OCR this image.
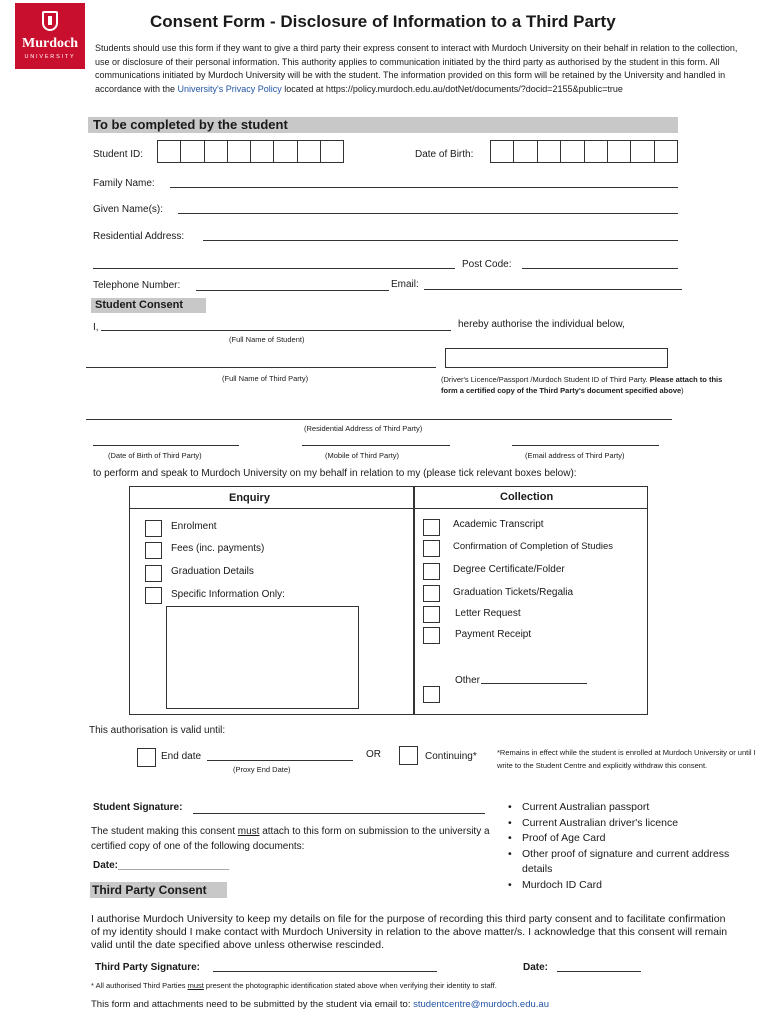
Murdoch
UNIVERSITY
Consent Form - Disclosure of Information to a Third Party
Students should use this form if they want to give a third party their express consent to interact with Murdoch University on their behalf in relation to the collection, use or disclosure of their personal information. This authority applies to communication initiated by the third party as authorised by the student in this form. All communications initiated by Murdoch University will be with the student. The information provided on this form will be retained by the University and handled in accordance with the University's Privacy Policy located at https://policy.murdoch.edu.au/dotNet/documents/?docid=2155&public=true
To be completed by the student
Student ID:	Date of Birth:
Family Name:
Given Name(s):
Residential Address:
Post Code:
Telephone Number:	Email:
Student Consent
I,	hereby authorise the individual below,
(Full Name of Student)
(Full Name of Third Party)	(Driver's Licence/Passport /Murdoch Student ID of Third Party. Please attach to this form a certified copy of the Third Party's document specified above)
(Residential Address of Third Party)
(Date of Birth of Third Party)	(Mobile of Third Party)	(Email address of Third Party)
to perform and speak to Murdoch University on my behalf in relation to my (please tick relevant boxes below):
Enquiry	Collection
Enrolment
Fees (inc. payments)
Graduation Details
Specific Information Only:
Academic Transcript
Confirmation of Completion of Studies
Degree Certificate/Folder
Graduation Tickets/Regalia
Letter Request
Payment Receipt
Other
This authorisation is valid until:
End date
(Proxy End Date)
OR	Continuing*	*Remains in effect while the student is enrolled at Murdoch University or until I write to the Student Centre and explicitly withdraw this consent.
Student Signature:
The student making this consent must attach to this form on submission to the university a certified copy of one of the following documents:
Date:____________________
• Current Australian passport
• Current Australian driver's licence
• Proof of Age Card
• Other proof of signature and current address details
• Murdoch ID Card
Third Party Consent
I authorise Murdoch University to keep my details on file for the purpose of recording this third party consent and to facilitate confirmation of my identity should I make contact with Murdoch University in relation to the above matter/s. I acknowledge that this consent will remain valid until the date specified above unless otherwise rescinded.
Third Party Signature:	Date:
* All authorised Third Parties must present the photographic identification stated above when verifying their identity to staff.
This form and attachments need to be submitted by the student via email to: studentcentre@murdoch.edu.au
